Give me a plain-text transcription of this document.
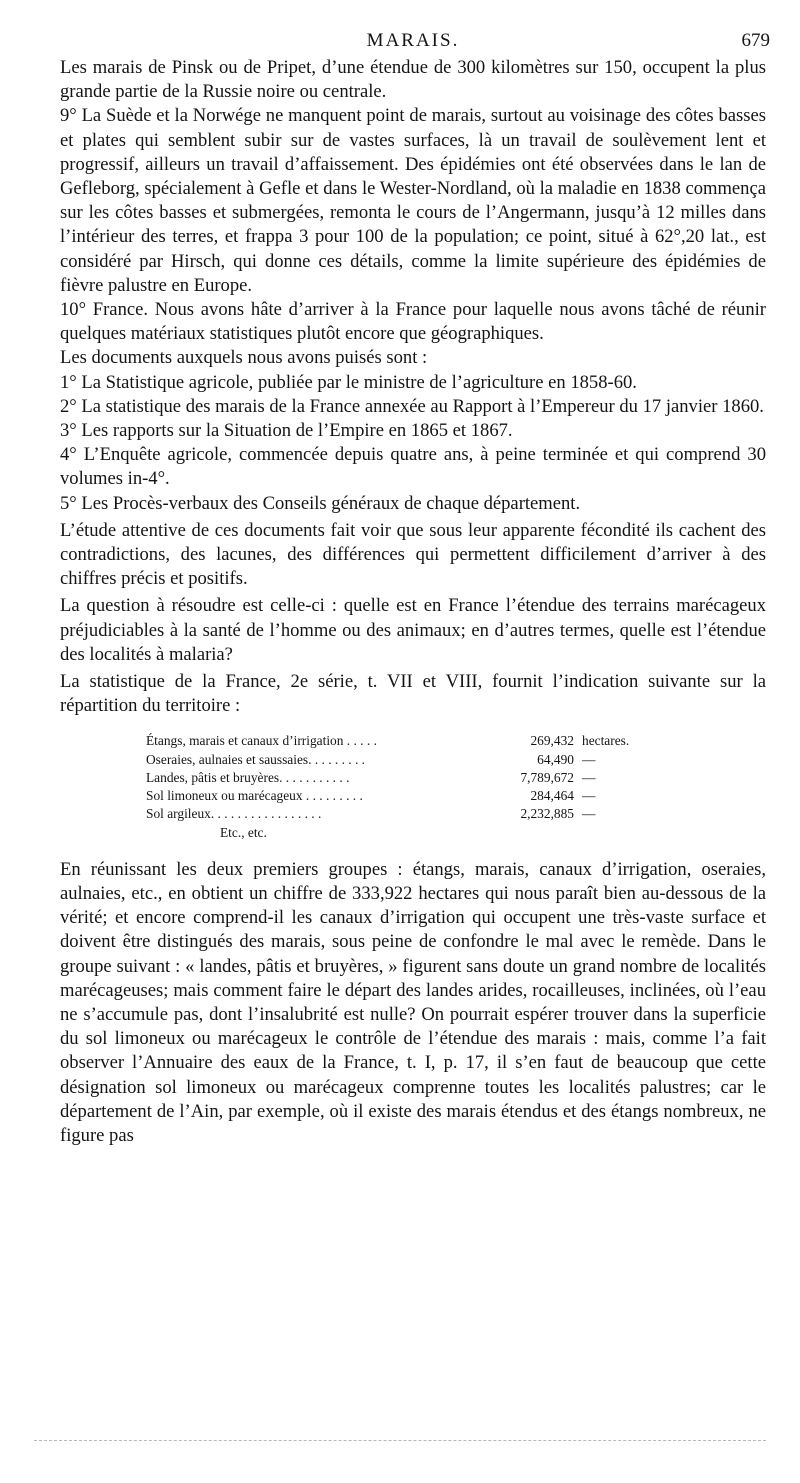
MARAIS.	679

Les marais de Pinsk ou de Pripet, d’une étendue de 300 kilomètres sur 150, occupent la plus grande partie de la Russie noire ou centrale.

9° La Suède et la Norwége ne manquent point de marais, surtout au voisinage des côtes basses et plates qui semblent subir sur de vastes surfaces, là un travail de soulèvement lent et progressif, ailleurs un travail d’affaissement. Des épidémies ont été observées dans le lan de Gefleborg, spécialement à Gefle et dans le Wester-Nordland, où la maladie en 1838 commença sur les côtes basses et submergées, remonta le cours de l’Angermann, jusqu’à 12 milles dans l’intérieur des terres, et frappa 3 pour 100 de la population; ce point, situé à 62°,20 lat., est considéré par Hirsch, qui donne ces détails, comme la limite supérieure des épidémies de fièvre palustre en Europe.

10° France. Nous avons hâte d’arriver à la France pour laquelle nous avons tâché de réunir quelques matériaux statistiques plutôt encore que géographiques.

Les documents auxquels nous avons puisés sont :

1° La Statistique agricole, publiée par le ministre de l’agriculture en 1858-60.

2° La statistique des marais de la France annexée au Rapport à l’Empereur du 17 janvier 1860.

3° Les rapports sur la Situation de l’Empire en 1865 et 1867.

4° L’Enquête agricole, commencée depuis quatre ans, à peine terminée et qui comprend 30 volumes in-4°.

5° Les Procès-verbaux des Conseils généraux de chaque département.

L’étude attentive de ces documents fait voir que sous leur apparente fécondité ils cachent des contradictions, des lacunes, des différences qui permettent difficilement d’arriver à des chiffres précis et positifs.

La question à résoudre est celle-ci : quelle est en France l’étendue des terrains marécageux préjudiciables à la santé de l’homme ou des animaux; en d’autres termes, quelle est l’étendue des localités à malaria?

La statistique de la France, 2e série, t. VII et VIII, fournit l’indication suivante sur la répartition du territoire :

Étangs, marais et canaux d’irrigation . . . . .	269,432 hectares.
Oseraies, aulnaies et saussaies. . . . . . . . .	64,490 —
Landes, pâtis et bruyères. . . . . . . . . . .	7,789,672 —
Sol limoneux ou marécageux . . . . . . . . .	284,464 —
Sol argileux. . . . . . . . . . . . . . . . .	2,232,885 —
Etc., etc.

En réunissant les deux premiers groupes : étangs, marais, canaux d’irrigation, oseraies, aulnaies, etc., en obtient un chiffre de 333,922 hectares qui nous paraît bien au-dessous de la vérité; et encore comprend-il les canaux d’irrigation qui occupent une très-vaste surface et doivent être distingués des marais, sous peine de confondre le mal avec le remède. Dans le groupe suivant : « landes, pâtis et bruyères, » figurent sans doute un grand nombre de localités marécageuses; mais comment faire le départ des landes arides, rocailleuses, inclinées, où l’eau ne s’accumule pas, dont l’insalubrité est nulle? On pourrait espérer trouver dans la superficie du sol limoneux ou marécageux le contrôle de l’étendue des marais : mais, comme l’a fait observer l’Annuaire des eaux de la France, t. I, p. 17, il s’en faut de beaucoup que cette désignation sol limoneux ou marécageux comprenne toutes les localités palustres; car le département de l’Ain, par exemple, où il existe des marais étendus et des étangs nombreux, ne figure pas
